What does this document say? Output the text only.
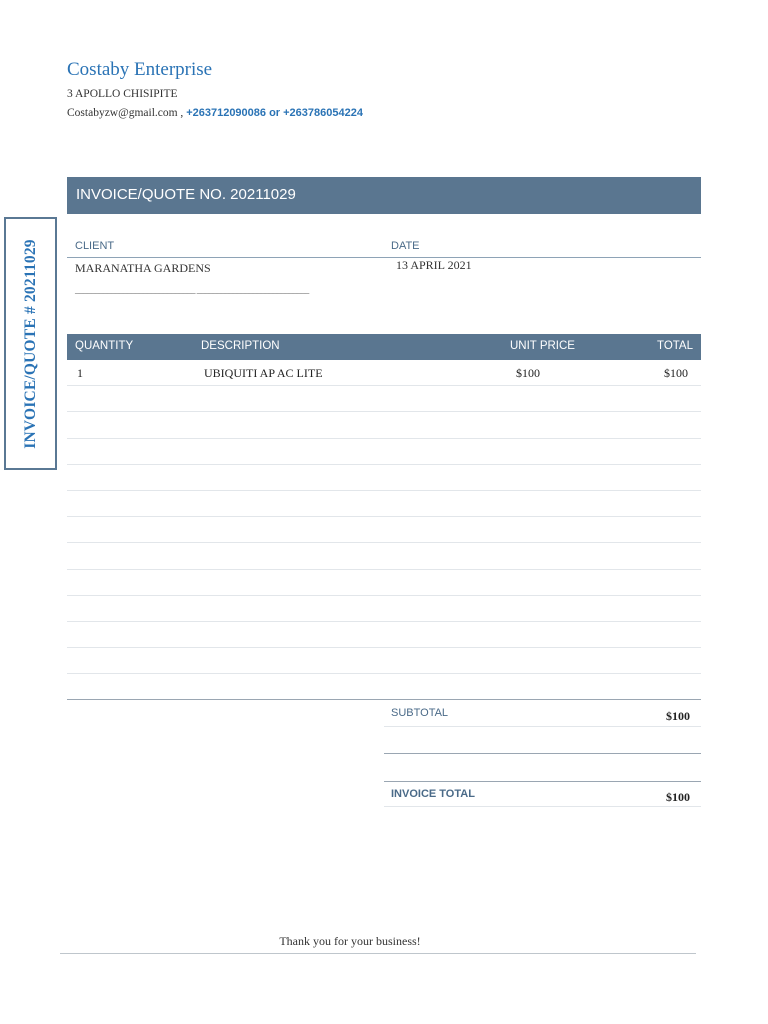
Costaby Enterprise
3 APOLLO CHISIPITE
Costabyzw@gmail.com , +263712090086 or +263786054224
INVOICE/QUOTE # 20211029
INVOICE/QUOTE NO. 20211029
CLIENT	DATE
MARANATHA GARDENS	13 APRIL 2021
______________________________ ____________________________
QUANTITY	DESCRIPTION	UNIT PRICE	TOTAL
1	UBIQUITI AP AC LITE	$100	$100
SUBTOTAL	$100
INVOICE TOTAL	$100
Thank you for your business!
